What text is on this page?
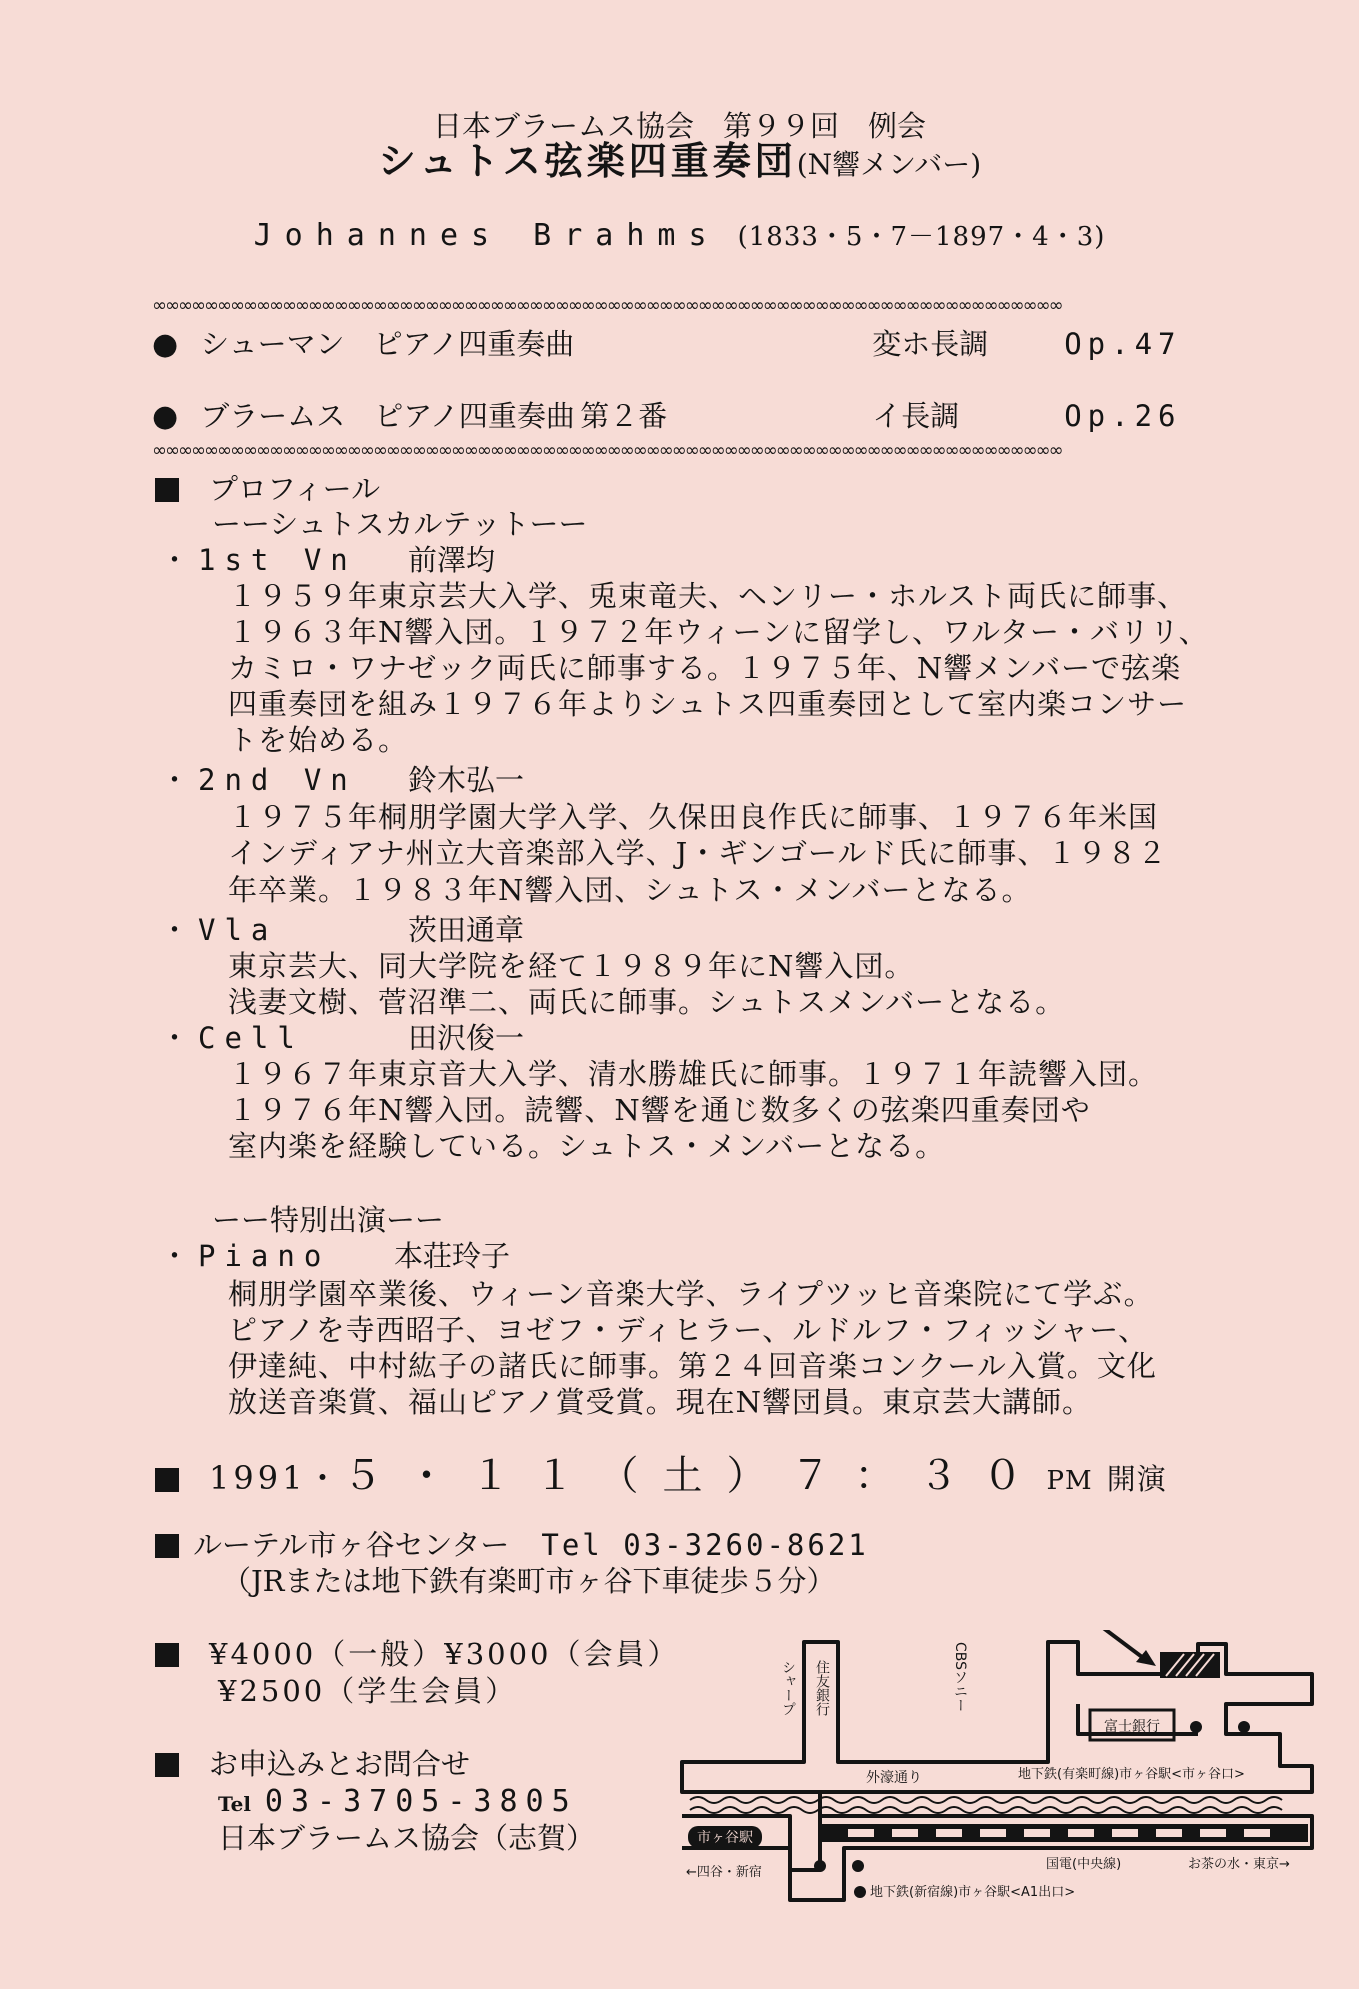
日本ブラームス協会　第９９回　例会
シュトス弦楽四重奏団(N響メンバー)
Johannes Brahms (1833・5・7－1897・4・3)
∞∞∞∞∞∞∞∞∞∞∞∞∞∞∞∞∞∞∞∞∞∞∞∞∞∞∞∞∞∞∞∞∞∞∞∞∞∞∞∞∞∞∞∞∞∞∞∞∞∞∞∞∞∞∞∞∞∞∞∞∞∞∞∞∞∞∞∞∞∞
● シューマン　ピアノ四重奏曲	変ホ長調	Op.47
● ブラームス　ピアノ四重奏曲 第２番	イ長調	Op.26
∞∞∞∞∞∞∞∞∞∞∞∞∞∞∞∞∞∞∞∞∞∞∞∞∞∞∞∞∞∞∞∞∞∞∞∞∞∞∞∞∞∞∞∞∞∞∞∞∞∞∞∞∞∞∞∞∞∞∞∞∞∞∞∞∞∞∞∞∞∞
プロフィール
ーーシュトスカルテットーー
・1st Vn 前澤均
１９５９年東京芸大入学、兎束竜夫、ヘンリー・ホルスト両氏に師事、
１９６３年N響入団。１９７２年ウィーンに留学し、ワルター・バリリ、
カミロ・ワナゼック両氏に師事する。１９７５年、N響メンバーで弦楽
四重奏団を組み１９７６年よりシュトス四重奏団として室内楽コンサー
トを始める。
・2nd Vn 鈴木弘一
１９７５年桐朋学園大学入学、久保田良作氏に師事、１９７６年米国
インディアナ州立大音楽部入学、J・ギンゴールド氏に師事、１９８２
年卒業。１９８３年N響入団、シュトス・メンバーとなる。
・Vla	茨田通章
東京芸大、同大学院を経て１９８９年にN響入団。
浅妻文樹、菅沼準二、両氏に師事。シュトスメンバーとなる。
・Cell	田沢俊一
１９６７年東京音大入学、清水勝雄氏に師事。１９７１年読響入団。
１９７６年N響入団。読響、N響を通じ数多くの弦楽四重奏団や
室内楽を経験している。シュトス・メンバーとなる。
ーー特別出演ーー
・Piano 本荘玲子
桐朋学園卒業後、ウィーン音楽大学、ライプツッヒ音楽院にて学ぶ。
ピアノを寺西昭子、ヨゼフ・ディヒラー、ルドルフ・フィッシャー、
伊達純、中村紘子の諸氏に師事。第２４回音楽コンクール入賞。文化
放送音楽賞、福山ピアノ賞受賞。現在N響団員。東京芸大講師。
1991・５・１１（土）７：３０PM 開演
ルーテル市ヶ谷センター Tel 03-3260-8621
（JRまたは地下鉄有楽町市ヶ谷下車徒歩５分）
¥4000（一般）¥3000（会員）
¥2500（学生会員）
お申込みとお問合せ
Tel 03-3705-3805
日本ブラームス協会（志賀）	市ヶ谷駅
富士銀行
シャープ 住友銀行	CBSソニー
外濠通り	地下鉄(有楽町線)市ヶ谷駅<市ヶ谷口>
←四谷・新宿
国電(中央線)	お茶の水・東京→
地下鉄(新宿線)市ヶ谷駅<A1出口>
